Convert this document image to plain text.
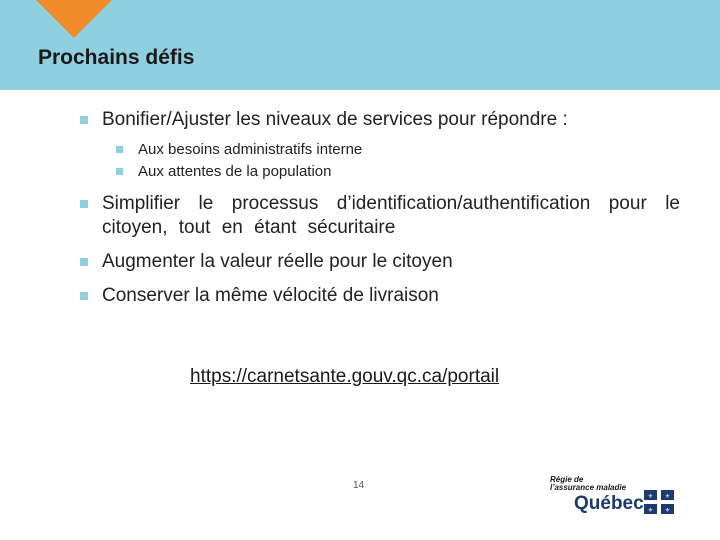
Prochains défis
Bonifier/Ajuster les niveaux de services pour répondre :
Aux besoins administratifs interne
Aux attentes de la population
Simplifier le processus d’identification/authentification pour le citoyen, tout en étant sécuritaire
Augmenter la valeur réelle pour le citoyen
Conserver la même vélocité de livraison
https://carnetsante.gouv.qc.ca/portail
14
Régie de
l’assurance maladie
Québec ⚜ ⚜
⚜ ⚜
